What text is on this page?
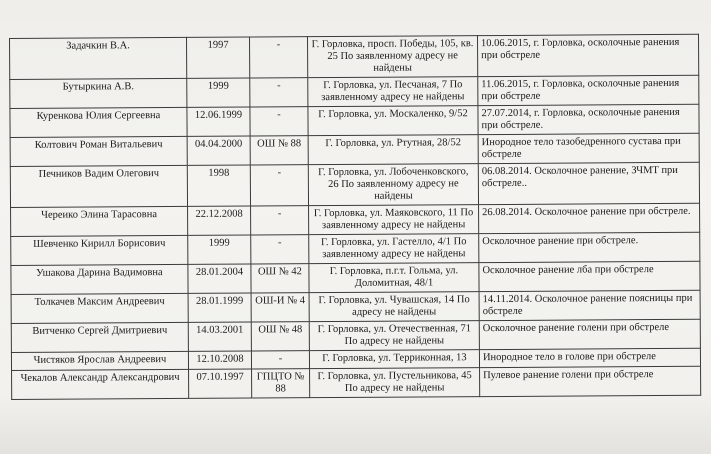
Задачкин В.А.	1997	-	Г. Горловка, просп. Победы, 105, кв. 25 По заявленному адресу не найдены	10.06.2015, г. Горловка, осколочные ранения при обстреле
Бутыркина А.В.	1999	-	Г. Горловка, ул. Песчаная, 7 По заявленному адресу не найдены	11.06.2015, г. Горловка, осколочные ранения при обстреле
Куренкова Юлия Сергеевна	12.06.1999	-	Г. Горловка, ул. Москаленко, 9/52	27.07.2014, г. Горловка, осколочные ранения при обстреле.
Колтович Роман Витальевич	04.04.2000	ОШ № 88	Г. Горловка, ул. Ртутная, 28/52	Инородное тело тазобедренного сустава при обстреле
Печников Вадим Олегович	1998	-	Г. Горловка, ул. Лобоченковского, 26 По заявленному адресу не найдены	06.08.2014. Осколочное ранение, ЗЧМТ при обстреле..
Череико Элина Тарасовна	22.12.2008	-	Г. Горловка, ул. Маяковского, 11 По заявленному адресу не найдены	26.08.2014. Осколочное ранение при обстреле.
Шевченко Кирилл Борисович	1999	-	Г. Горловка, ул. Гастелло, 4/1 По заявленному адресу не найдены	Осколочное ранение при обстреле.
Ушакова Дарина Вадимовна	28.01.2004	ОШ № 42	Г. Горловка, п.г.т. Гольма, ул. Доломитная, 48/1	Осколочное ранение лба при обстреле
Толкачев Максим Андреевич	28.01.1999	ОШ-И № 4	Г. Горловка, ул. Чувашская, 14 По адресу не найдены	14.11.2014. Осколочное ранение поясницы при обстреле
Витченко Сергей Дмитриевич	14.03.2001	ОШ № 48	Г. Горловка, ул. Отечественная, 71 По адресу не найдены	Осколочное ранение голени при обстреле
Чистяков Ярослав Андреевич	12.10.2008	-	Г. Горловка, ул. Терриконная, 13	Инородное тело в голове при обстреле
Чекалов Александр Александрович	07.10.1997	ГПЦТО № 88	Г. Горловка, ул. Пустельникова, 45 По адресу не найдены	Пулевое ранение голени при обстреле
